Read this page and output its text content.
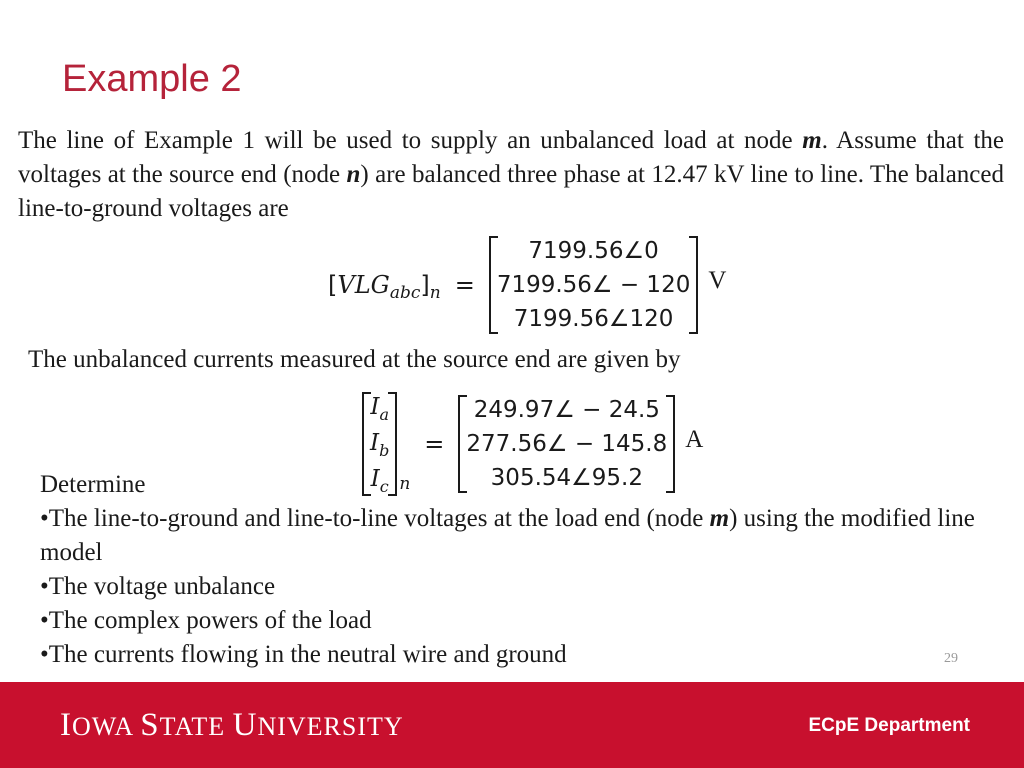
Example 2

The line of Example 1 will be used to supply an unbalanced load at node m. Assume that the voltages at the source end (node n) are balanced three phase at 12.47 kV line to line. The balanced line-to-ground voltages are

[ VLG abc ] n =
7199.56∠0
7199.56∠ − 120
7199.56∠120
V

The unbalanced currents measured at the source end are given by

$I_a$
$I_b$
$I_c$ n
=
249.97∠ − 24.5
277.56∠ − 145.8
305.54∠95.2
A
Determine
•The line-to-ground and line-to-line voltages at the load end (node m) using the modified line model
•The voltage unbalance
•The complex powers of the load
•The currents flowing in the neutral wire and ground	29
IOWA STATE UNIVERSITY	ECpE Department
